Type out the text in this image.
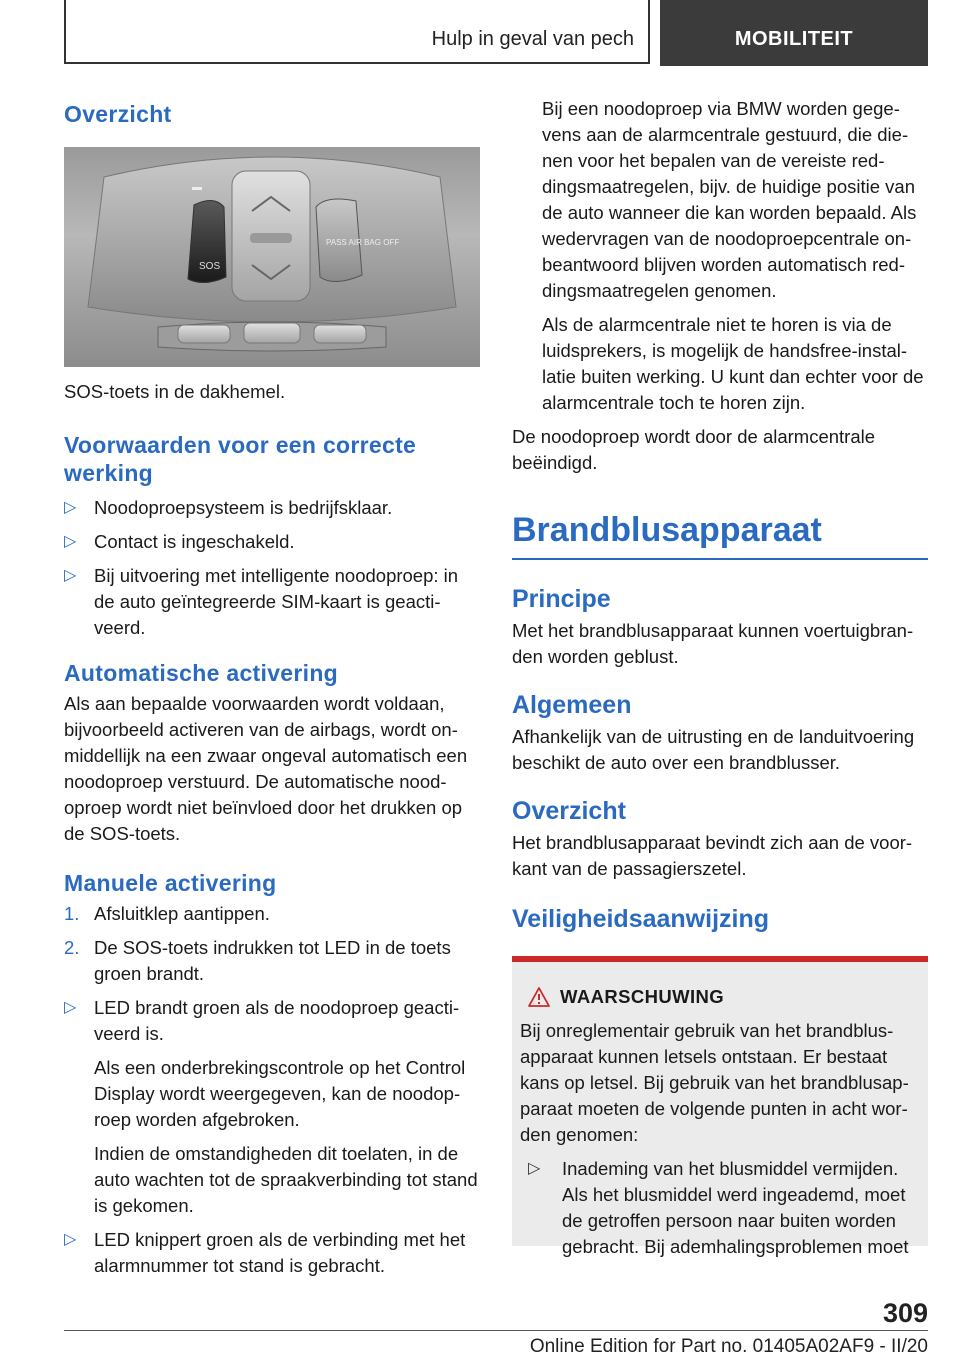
Hulp in geval van pech	MOBILITEIT
Overzicht
SOS
PASS AIR BAG OFF

SOS-toets in de dakhemel.

Voorwaarden voor een correcte werking
▷ Noodoproepsysteem is bedrijfsklaar.
▷ Contact is ingeschakeld.
▷ Bij uitvoering met intelligente noodoproep: in de auto geïntegreerde SIM-kaart is geactiveerd.
Automatische activering

Als aan bepaalde voorwaarden wordt voldaan, bijvoorbeeld activeren van de airbags, wordt onmiddellijk na een zwaar ongeval automatisch een noodoproep verstuurd. De automatische noodoproep wordt niet beïnvloed door het drukken op de SOS-toets.

Manuele activering
1. Afsluitklep aantippen.
2. De SOS-toets indrukken tot LED in de toets groen brandt.
▷ LED brandt groen als de noodoproep geactiveerd is.

Als een onderbrekingscontrole op het Control Display wordt weergegeven, kan de noodoproep worden afgebroken.

Indien de omstandigheden dit toelaten, in de auto wachten tot de spraakverbinding tot stand is gekomen.

▷ LED knippert groen als de verbinding met het alarmnummer tot stand is gebracht.

Bij een noodoproep via BMW worden gegevens aan de alarmcentrale gestuurd, die dienen voor het bepalen van de vereiste reddingsmaatregelen, bijv. de huidige positie van de auto wanneer die kan worden bepaald. Als wedervragen van de noodoproepcentrale onbeantwoord blijven worden automatisch reddingsmaatregelen genomen.

Als de alarmcentrale niet te horen is via de luidsprekers, is mogelijk de handsfree-installatie buiten werking. U kunt dan echter voor de alarmcentrale toch te horen zijn.

De noodoproep wordt door de alarmcentrale beëindigd.

Brandblusapparaat
Principe

Met het brandblusapparaat kunnen voertuigbranden worden geblust.

Algemeen

Afhankelijk van de uitrusting en de landuitvoering beschikt de auto over een brandblusser.

Overzicht

Het brandblusapparaat bevindt zich aan de voorkant van de passagierszetel.

Veiligheidsaanwijzing
WAARSCHUWING

Bij onreglementair gebruik van het brandblusapparaat kunnen letsels ontstaan. Er bestaat kans op letsel. Bij gebruik van het brandblusapparaat moeten de volgende punten in acht worden genomen:

▷ Inademing van het blusmiddel vermijden. Als het blusmiddel werd ingeademd, moet de getroffen persoon naar buiten worden gebracht. Bij ademhalingsproblemen moet
309
Online Edition for Part no. 01405A02AF9 - II/20
